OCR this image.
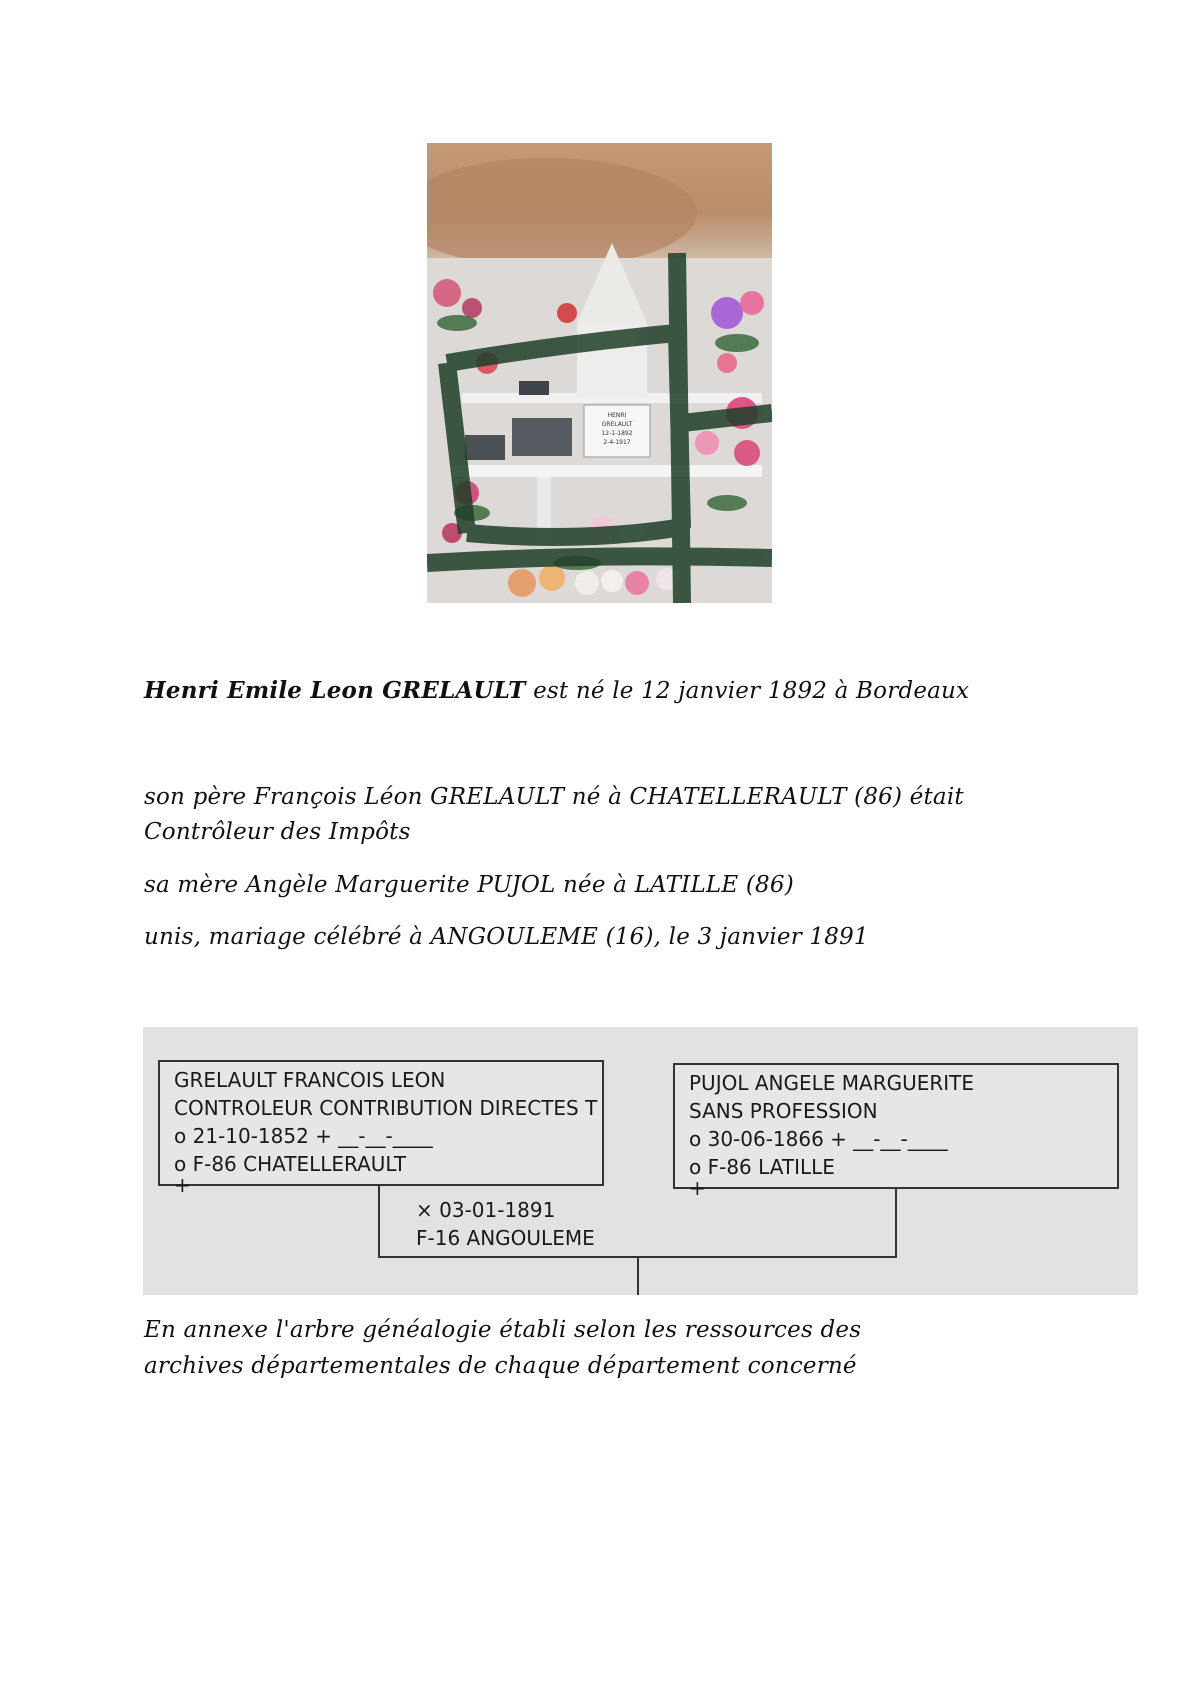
HENRI
GRELAULT
12-1-1892
2-4-1917
Henri Emile Leon GRELAULT est né le 12 janvier 1892 à Bordeaux
son père François Léon GRELAULT né à CHATELLERAULT (86) était
Contrôleur des Impôts
sa mère Angèle Marguerite PUJOL née à LATILLE (86)
unis, mariage célébré à ANGOULEME (16), le 3 janvier 1891
GRELAULT FRANCOIS LEON
CONTROLEUR CONTRIBUTION DIRECTES T
o 21-10-1852 + __-__-____
o F-86 CHATELLERAULT
+
PUJOL ANGELE MARGUERITE
SANS PROFESSION
o 30-06-1866 + __-__-____
o F-86 LATILLE
+
× 03-01-1891
F-16 ANGOULEME
En annexe l'arbre généalogie établi selon les ressources des
archives départementales de chaque département concerné
